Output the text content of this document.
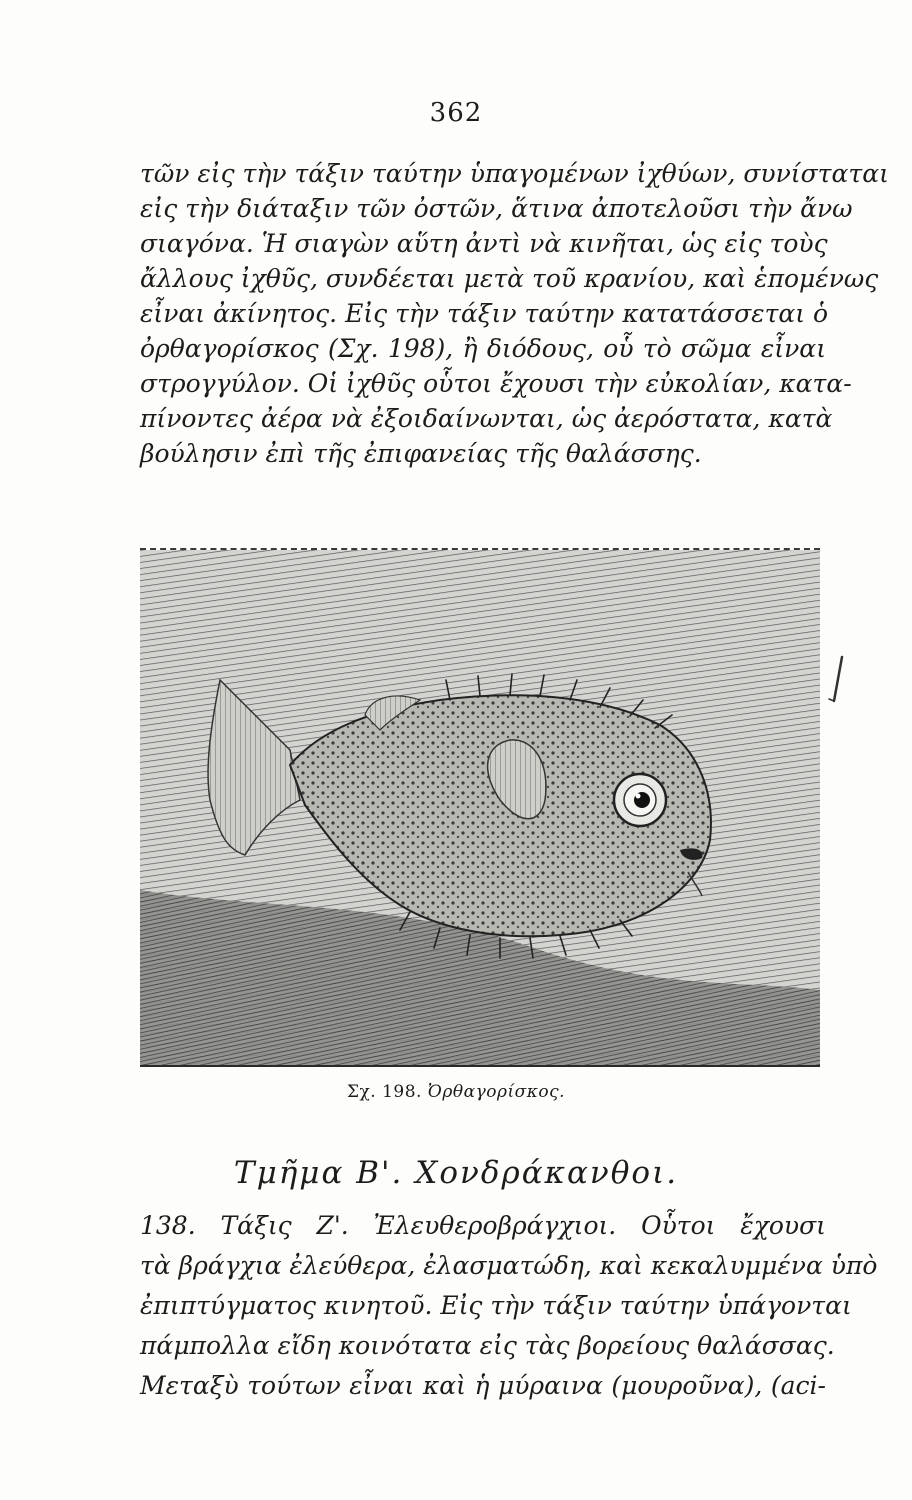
362
τῶν εἰς τὴν τάξιν ταύτην ὑπαγομένων ἰχθύων, συνίσταται
εἰς τὴν διάταξιν τῶν ὀστῶν, ἅτινα ἀποτελοῦσι τὴν ἄνω
σιαγόνα. Ἡ σιαγὼν αὕτη ἀντὶ νὰ κινῆται, ὡς εἰς τοὺς
ἄλλους ἰχθῦς, συνδέεται μετὰ τοῦ κρανίου, καὶ ἑπομένως
εἶναι ἀκίνητος. Εἰς τὴν τάξιν ταύτην κατατάσσεται ὁ
ὀρθαγορίσκος (Σχ. 198), ἢ διόδους, οὗ τὸ σῶμα εἶναι
στρογγύλον. Οἱ ἰχθῦς οὗτοι ἔχουσι τὴν εὐκολίαν, κατα-
πίνοντες ἀέρα νὰ ἐξοιδαίνωνται, ὡς ἀερόστατα, κατὰ
βούλησιν ἐπὶ τῆς ἐπιφανείας τῆς θαλάσσης.
Σχ. 198. Ὀρθαγορίσκος.
Τμῆμα Β'. Χονδράκανθοι.
138. Τάξις Ζ'. Ἐλευθεροβράγχιοι. Οὗτοι ἔχουσι
τὰ βράγχια ἐλεύθερα, ἐλασματώδη, καὶ κεκαλυμμένα ὑπὸ
ἐπιπτύγματος κινητοῦ. Εἰς τὴν τάξιν ταύτην ὑπάγονται
πάμπολλα εἴδη κοινότατα εἰς τὰς βορείους θαλάσσας.
Μεταξὺ τούτων εἶναι καὶ ἡ μύραινα (μουροῦνα), (aci-
